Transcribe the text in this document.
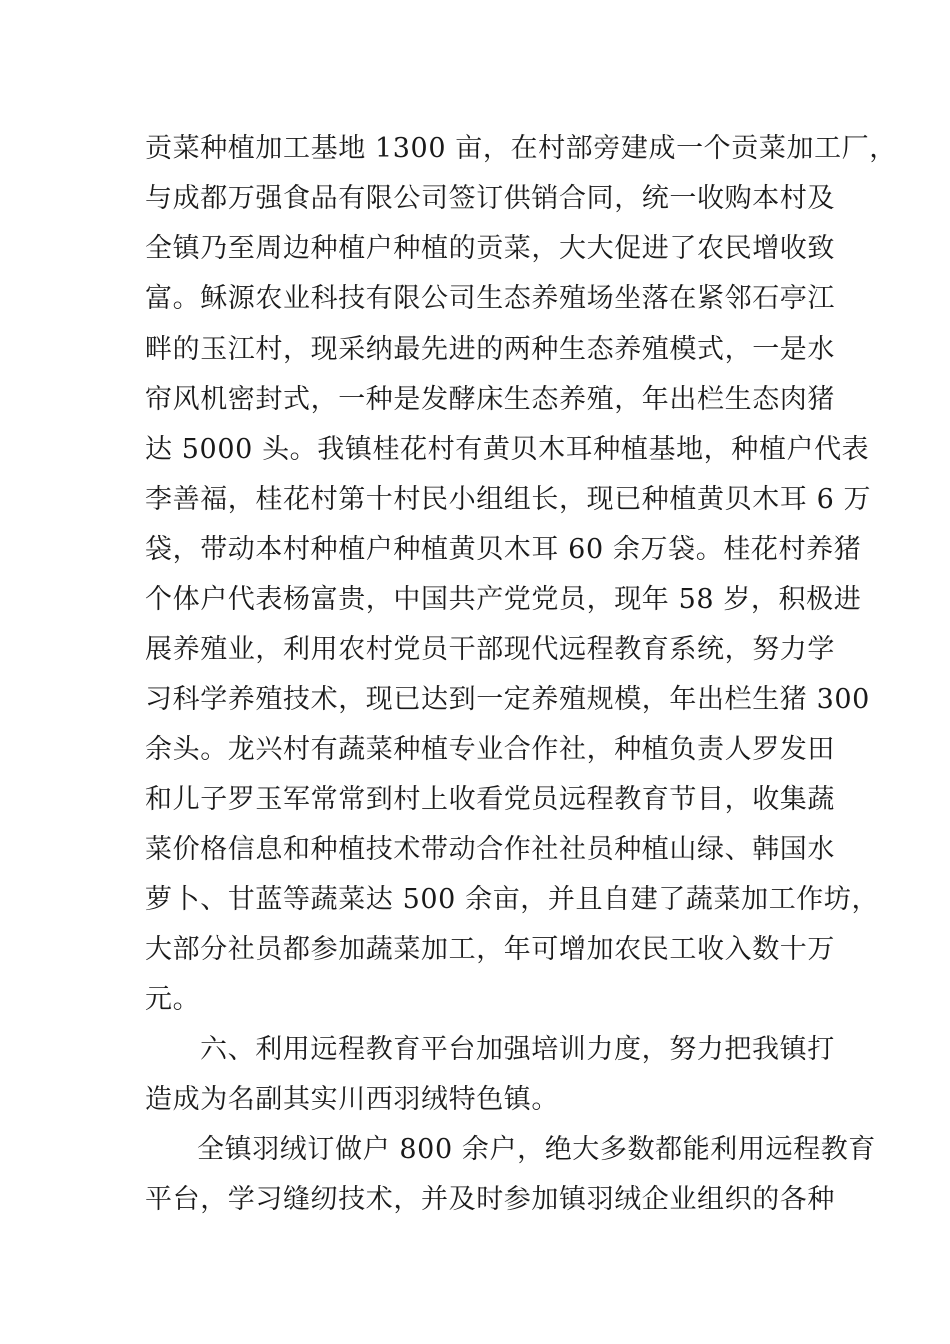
贡菜种植加工基地 1300 亩，在村部旁建成一个贡菜加工厂，
与成都万强食品有限公司签订供销合同，统一收购本村及
全镇乃至周边种植户种植的贡菜，大大促进了农民增收致
富。稣源农业科技有限公司生态养殖场坐落在紧邻石亭江
畔的玉江村，现采纳最先进的两种生态养殖模式，一是水
帘风机密封式，一种是发酵床生态养殖，年出栏生态肉猪
达 5000 头。我镇桂花村有黄贝木耳种植基地，种植户代表
李善福，桂花村第十村民小组组长，现已种植黄贝木耳 6 万
袋，带动本村种植户种植黄贝木耳 60 余万袋。桂花村养猪
个体户代表杨富贵，中国共产党党员，现年 58 岁，积极进
展养殖业，利用农村党员干部现代远程教育系统，努力学
习科学养殖技术，现已达到一定养殖规模，年出栏生猪 300
余头。龙兴村有蔬菜种植专业合作社，种植负责人罗发田
和儿子罗玉军常常到村上收看党员远程教育节目，收集蔬
菜价格信息和种植技术带动合作社社员种植山绿、韩国水
萝卜、甘蓝等蔬菜达 500 余亩，并且自建了蔬菜加工作坊，
大部分社员都参加蔬菜加工，年可增加农民工收入数十万
元。
六、利用远程教育平台加强培训力度，努力把我镇打
造成为名副其实川西羽绒特色镇。
全镇羽绒订做户 800 余户，绝大多数都能利用远程教育
平台，学习缝纫技术，并及时参加镇羽绒企业组织的各种
